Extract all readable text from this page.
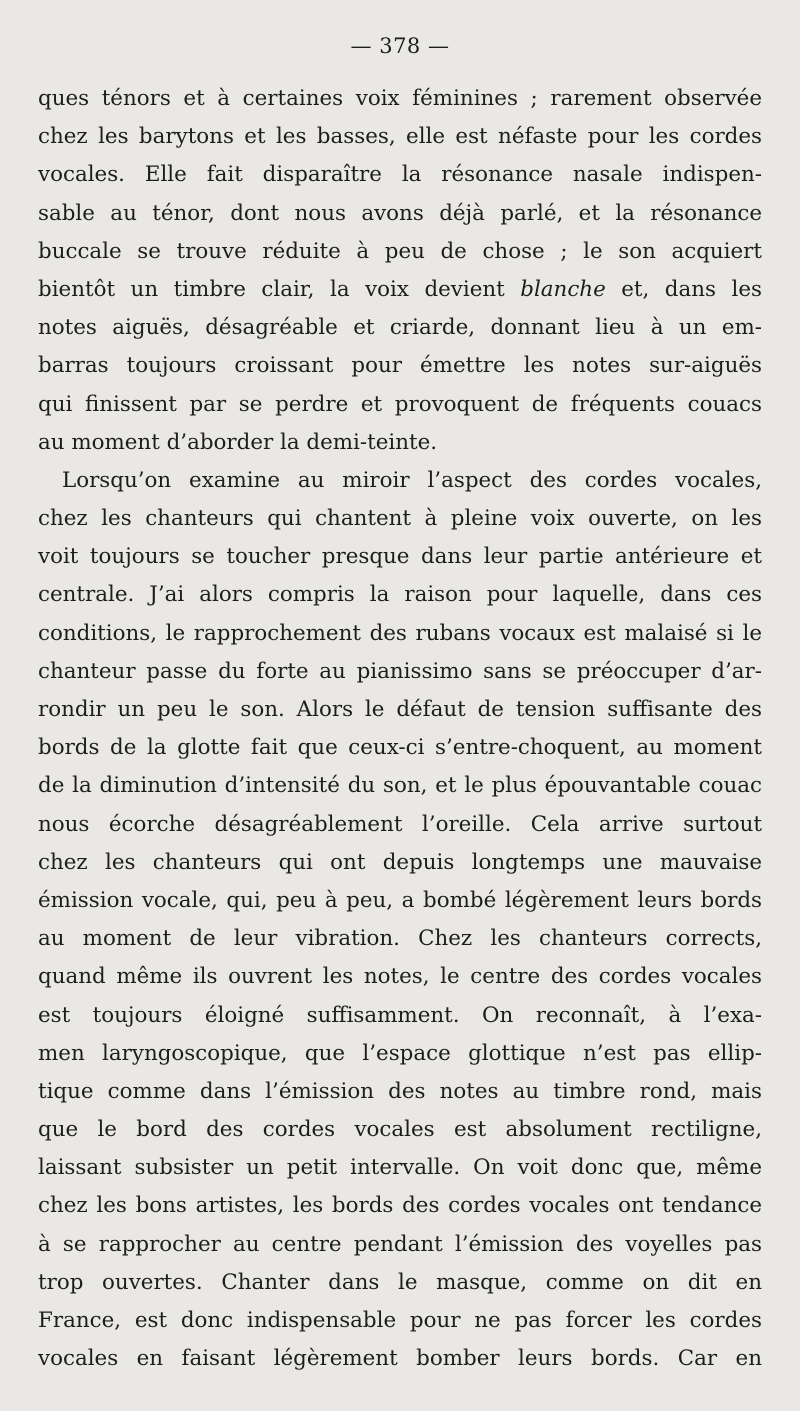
— 378 —
ques ténors et à certaines voix féminines ; rarement observée
chez les barytons et les basses, elle est néfaste pour les cordes
vocales. Elle fait disparaître la résonance nasale indispen-
sable au ténor, dont nous avons déjà parlé, et la résonance
buccale se trouve réduite à peu de chose ; le son acquiert
bientôt un timbre clair, la voix devient blanche et, dans les
notes aiguës, désagréable et criarde, donnant lieu à un em-
barras toujours croissant pour émettre les notes sur-aiguës
qui finissent par se perdre et provoquent de fréquents couacs
au moment d’aborder la demi-teinte.
Lorsqu’on examine au miroir l’aspect des cordes vocales,
chez les chanteurs qui chantent à pleine voix ouverte, on les
voit toujours se toucher presque dans leur partie antérieure et
centrale. J’ai alors compris la raison pour laquelle, dans ces
conditions, le rapprochement des rubans vocaux est malaisé si le
chanteur passe du forte au pianissimo sans se préoccuper d’ar-
rondir un peu le son. Alors le défaut de tension suffisante des
bords de la glotte fait que ceux-ci s’entre-choquent, au moment
de la diminution d’intensité du son, et le plus épouvantable couac
nous écorche désagréablement l’oreille. Cela arrive surtout
chez les chanteurs qui ont depuis longtemps une mauvaise
émission vocale, qui, peu à peu, a bombé légèrement leurs bords
au moment de leur vibration. Chez les chanteurs corrects,
quand même ils ouvrent les notes, le centre des cordes vocales
est toujours éloigné suffisamment. On reconnaît, à l’exa-
men laryngoscopique, que l’espace glottique n’est pas ellip-
tique comme dans l’émission des notes au timbre rond, mais
que le bord des cordes vocales est absolument rectiligne,
laissant subsister un petit intervalle. On voit donc que, même
chez les bons artistes, les bords des cordes vocales ont tendance
à se rapprocher au centre pendant l’émission des voyelles pas
trop ouvertes. Chanter dans le masque, comme on dit en
France, est donc indispensable pour ne pas forcer les cordes
vocales en faisant légèrement bomber leurs bords. Car en
